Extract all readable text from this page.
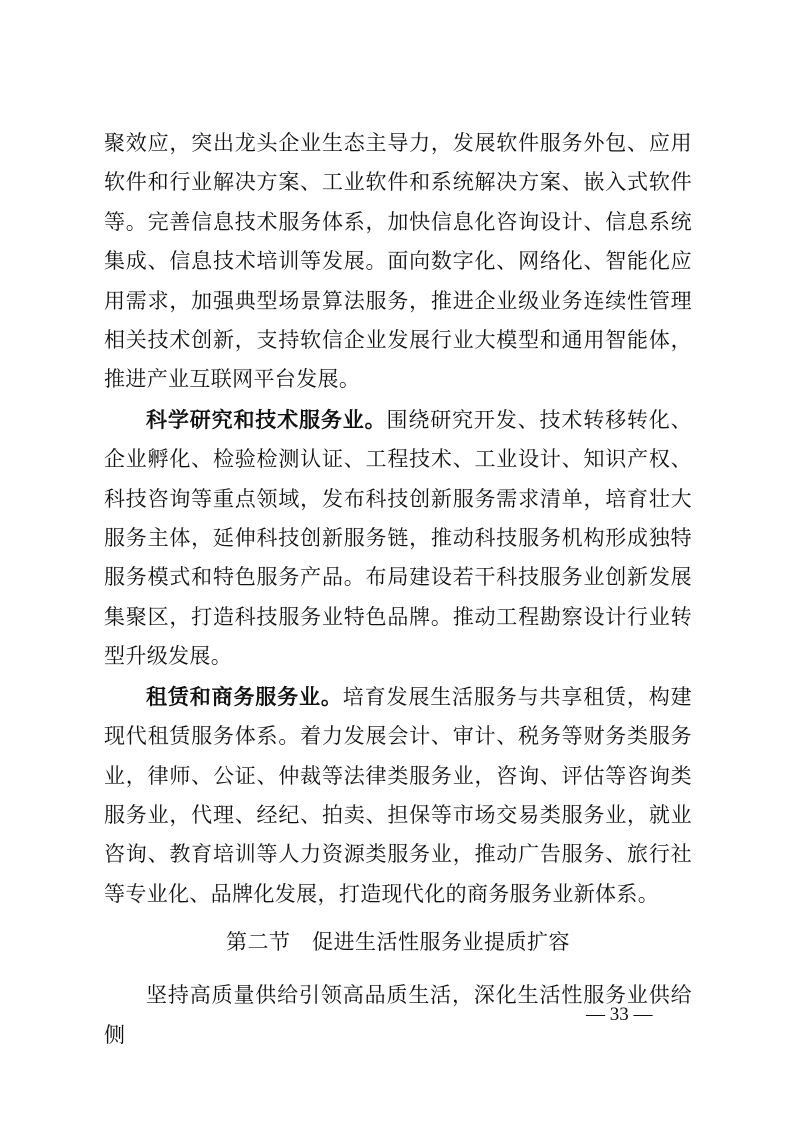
聚效应，突出龙头企业生态主导力，发展软件服务外包、应用软件和行业解决方案、工业软件和系统解决方案、嵌入式软件等。完善信息技术服务体系，加快信息化咨询设计、信息系统集成、信息技术培训等发展。面向数字化、网络化、智能化应用需求，加强典型场景算法服务，推进企业级业务连续性管理相关技术创新，支持软信企业发展行业大模型和通用智能体，推进产业互联网平台发展。

科学研究和技术服务业。围绕研究开发、技术转移转化、企业孵化、检验检测认证、工程技术、工业设计、知识产权、科技咨询等重点领域，发布科技创新服务需求清单，培育壮大服务主体，延伸科技创新服务链，推动科技服务机构形成独特服务模式和特色服务产品。布局建设若干科技服务业创新发展集聚区，打造科技服务业特色品牌。推动工程勘察设计行业转型升级发展。

租赁和商务服务业。培育发展生活服务与共享租赁，构建现代租赁服务体系。着力发展会计、审计、税务等财务类服务业，律师、公证、仲裁等法律类服务业，咨询、评估等咨询类服务业，代理、经纪、拍卖、担保等市场交易类服务业，就业咨询、教育培训等人力资源类服务业，推动广告服务、旅行社等专业化、品牌化发展，打造现代化的商务服务业新体系。

第二节　促进生活性服务业提质扩容

坚持高质量供给引领高品质生活，深化生活性服务业供给侧

— 33 —
